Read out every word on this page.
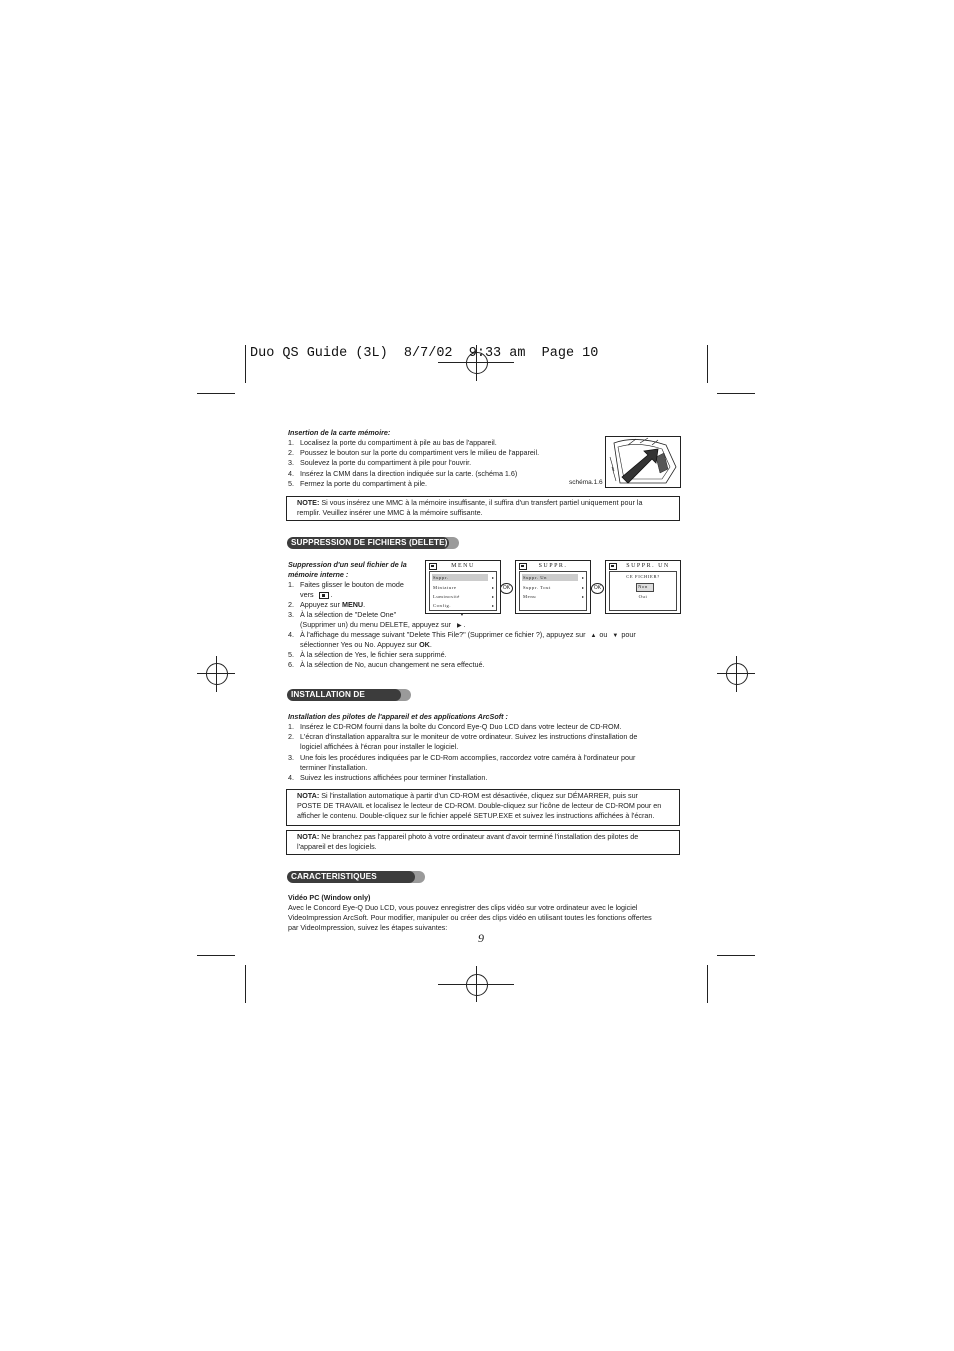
Duo QS Guide (3L)  8/7/02  9:33 am  Page 10
Insertion de la carte mémoire:
1. Localisez la porte du compartiment à pile au bas de l'appareil.
2. Poussez le bouton sur la porte du compartiment vers le milieu de l'appareil.
3. Soulevez la porte du compartiment à pile pour l'ouvrir.
4. Insérez la CMM dans la direction indiquée sur la carte. (schéma 1.6)
5. Fermez la porte du compartiment à pile.	schéma.1.6
NOTE: Si vous insérez une MMC à la mémoire insuffisante, il suffira d'un transfert partiel uniquement pour la
remplir. Veuillez insérer une MMC à la mémoire suffisante.
SUPPRESSION DE FICHIERS (DELETE)
Suppression d'un seul fichier de la
mémoire interne :
1. Faites glisser le bouton de mode
vers
.
2. Appuyez sur MENU.
3. À la sélection de "Delete One"
(Supprimer un) du menu DELETE, appuyez sur ▶ .
4. À l'affichage du message suivant "Delete This File?" (Supprimer ce fichier ?), appuyez sur ▲ ou ▼ pour
sélectionner Yes ou No. Appuyez sur OK.
5. À la sélection de Yes, le fichier sera supprimé.
6. À la sélection de No, aucun changement ne sera effectué.
MENU
Suppr.
Miniature
Luminosité
Config.
▸
▸
▸
▸
▼
OK
SUPPR.
Suppr. Un
Suppr. Tout
Menu
▸
▸
▸
OK
SUPPR. UN
CE FICHIER?
Non
Oui
INSTALLATION DE LOGICIEL
Installation des pilotes de l'appareil et des applications ArcSoft :
1. Insérez le CD-ROM fourni dans la boîte du Concord Eye-Q Duo LCD dans votre lecteur de CD-ROM.
2. L'écran d'installation apparaîtra sur le moniteur de votre ordinateur. Suivez les instructions d'installation de
logiciel affichées à l'écran pour installer le logiciel.
3. Une fois les procédures indiquées par le CD-Rom accomplies, raccordez votre caméra à l'ordinateur pour
terminer l'installation.
4. Suivez les instructions affichées pour terminer l'installation.
NOTA: Si l'installation automatique à partir d'un CD-ROM est désactivée, cliquez sur DÉMARRER, puis sur
POSTE DE TRAVAIL et localisez le lecteur de CD-ROM. Double-cliquez sur l'icône de lecteur de CD-ROM pour en
afficher le contenu. Double-cliquez sur le fichier appelé SETUP.EXE et suivez les instructions affichées à l'écran.
NOTA: Ne branchez pas l'appareil photo à votre ordinateur avant d'avoir terminé l'installation des pilotes de
l'appareil et des logiciels.
CARACTERISTIQUES SPECIALES
Vidéo PC (Window only)
Avec le Concord Eye-Q Duo LCD, vous pouvez enregistrer des clips vidéo sur votre ordinateur avec le logiciel
VideoImpression ArcSoft. Pour modifier, manipuler ou créer des clips vidéo en utilisant toutes les fonctions offertes
par VideoImpression, suivez les étapes suivantes:
9
